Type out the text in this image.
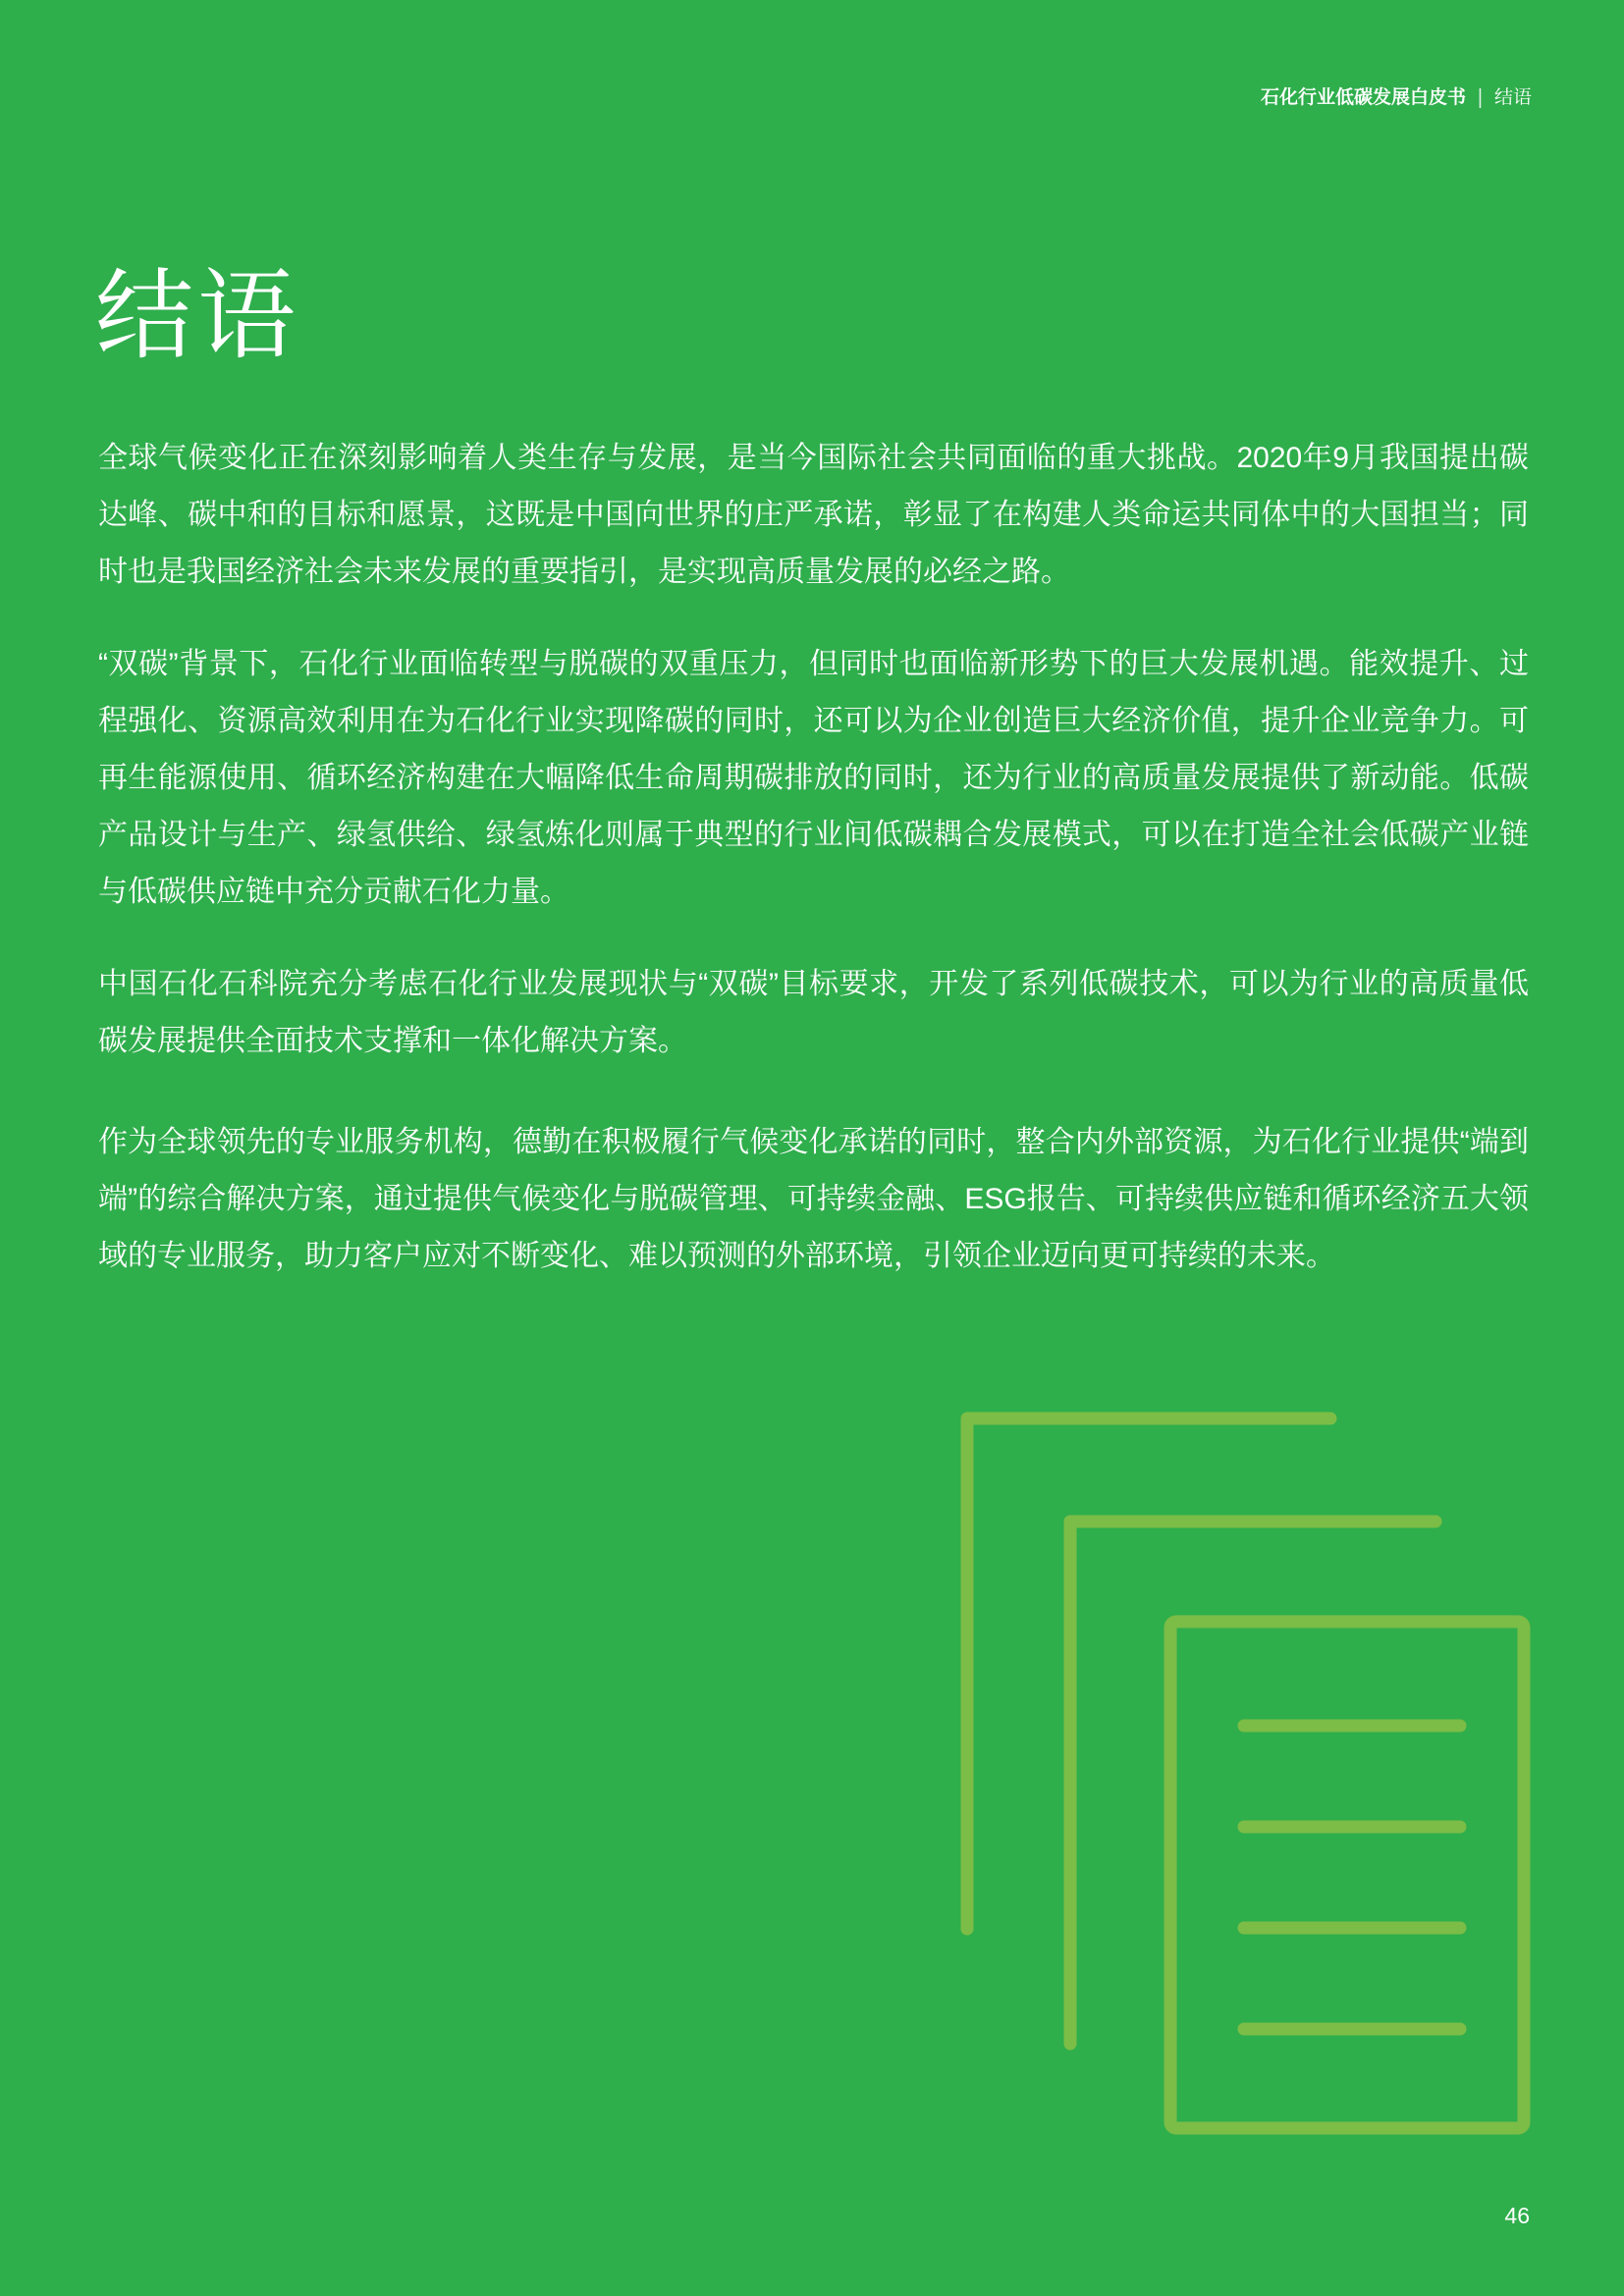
石化行业低碳发展白皮书 | 结语
结语

全球气候变化正在深刻影响着人类生存与发展，是当今国际社会共同面临的重大挑战。2020年9月我国提出碳达峰、碳中和的目标和愿景，这既是中国向世界的庄严承诺，彰显了在构建人类命运共同体中的大国担当；同时也是我国经济社会未来发展的重要指引，是实现高质量发展的必经之路。

“双碳”背景下，石化行业面临转型与脱碳的双重压力，但同时也面临新形势下的巨大发展机遇。能效提升、过程强化、资源高效利用在为石化行业实现降碳的同时，还可以为企业创造巨大经济价值，提升企业竞争力。可再生能源使用、循环经济构建在大幅降低生命周期碳排放的同时，还为行业的高质量发展提供了新动能。低碳产品设计与生产、绿氢供给、绿氢炼化则属于典型的行业间低碳耦合发展模式，可以在打造全社会低碳产业链与低碳供应链中充分贡献石化力量。

中国石化石科院充分考虑石化行业发展现状与“双碳”目标要求，开发了系列低碳技术，可以为行业的高质量低碳发展提供全面技术支撑和一体化解决方案。

作为全球领先的专业服务机构，德勤在积极履行气候变化承诺的同时，整合内外部资源，为石化行业提供“端到端”的综合解决方案，通过提供气候变化与脱碳管理、可持续金融、ESG报告、可持续供应链和循环经济五大领域的专业服务，助力客户应对不断变化、难以预测的外部环境，引领企业迈向更可持续的未来。

46
